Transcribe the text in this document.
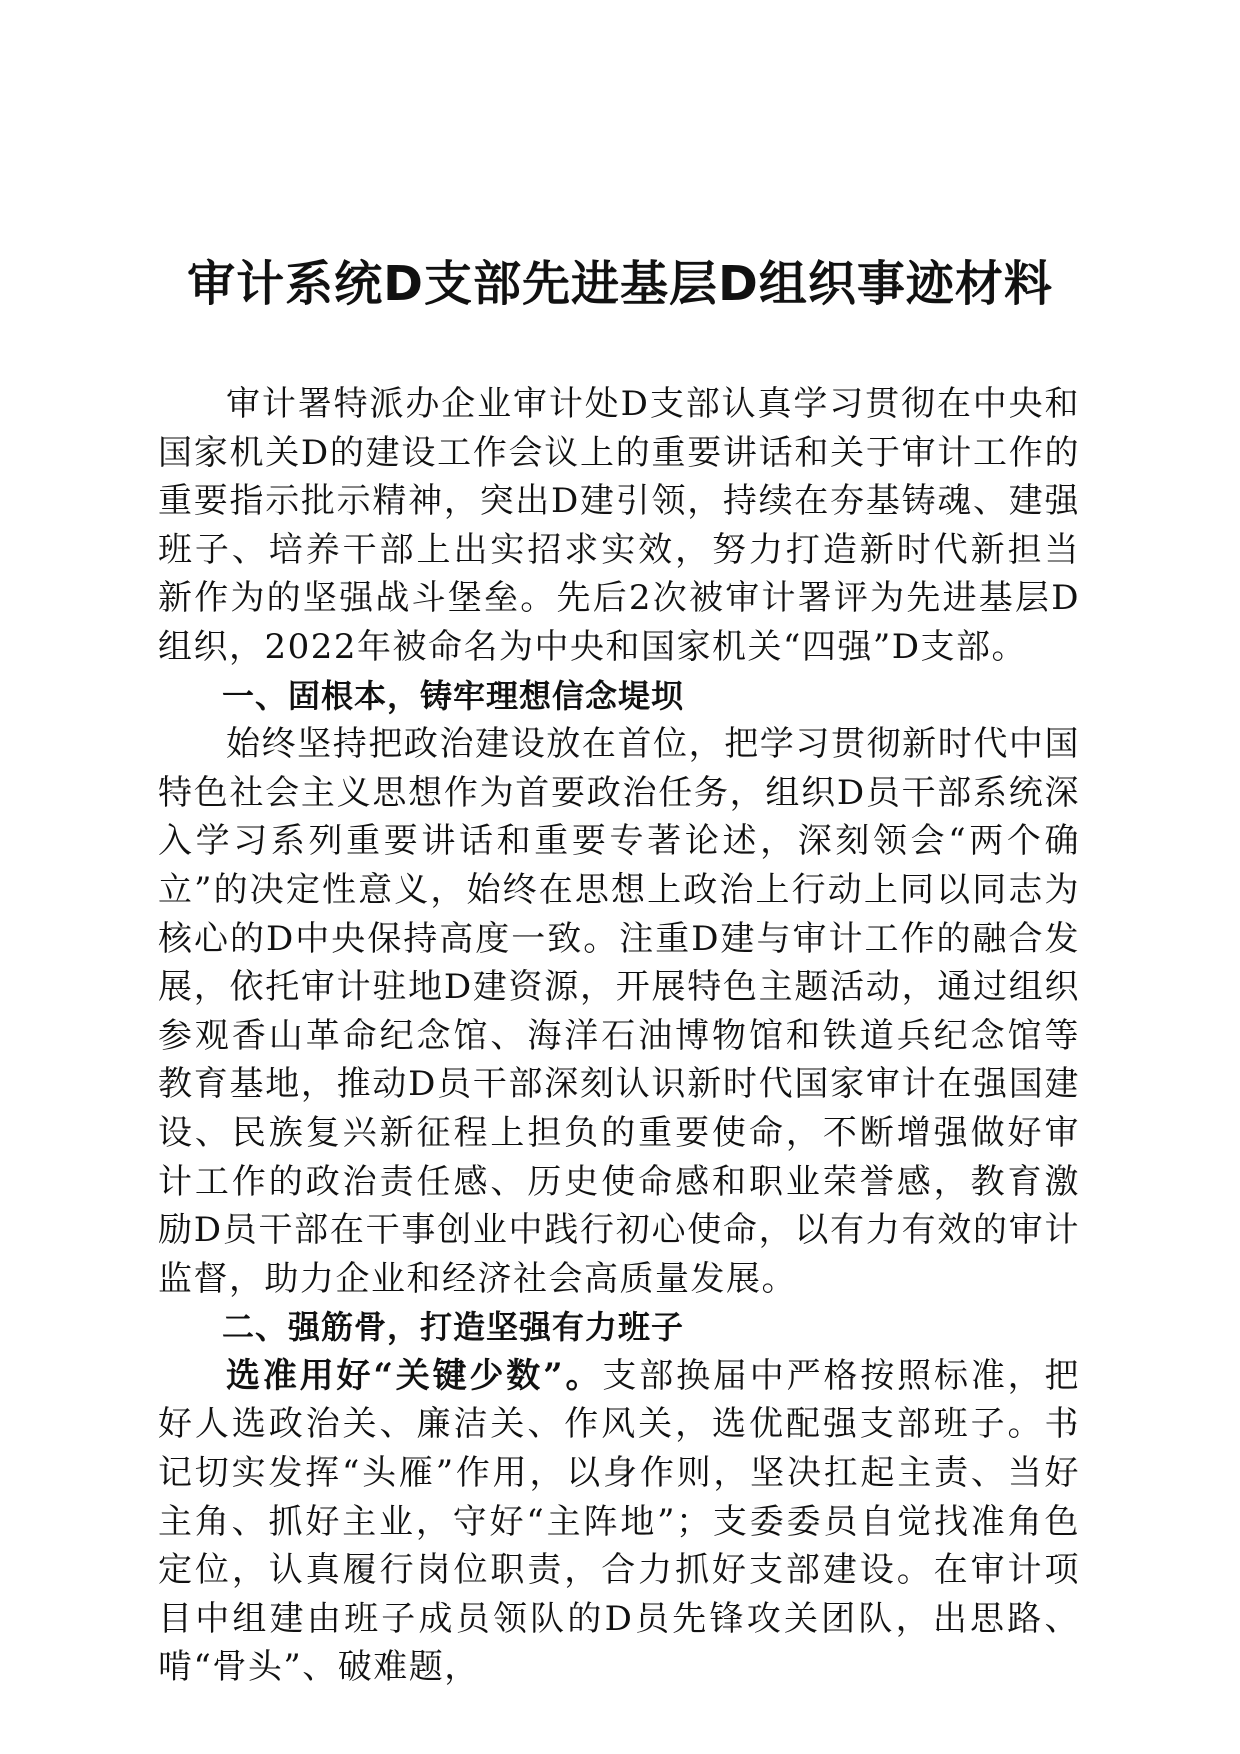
审计系统D支部先进基层D组织事迹材料

审计署特派办企业审计处D支部认真学习贯彻在中央和国家机关D的建设工作会议上的重要讲话和关于审计工作的重要指示批示精神，突出D建引领，持续在夯基铸魂、建强班子、培养干部上出实招求实效，努力打造新时代新担当新作为的坚强战斗堡垒。先后2次被审计署评为先进基层D组织，2022年被命名为中央和国家机关“四强”D支部。

一、固根本，铸牢理想信念堤坝

始终坚持把政治建设放在首位，把学习贯彻新时代中国特色社会主义思想作为首要政治任务，组织D员干部系统深入学习系列重要讲话和重要专著论述，深刻领会“两个确立”的决定性意义，始终在思想上政治上行动上同以同志为核心的D中央保持高度一致。注重D建与审计工作的融合发展，依托审计驻地D建资源，开展特色主题活动，通过组织参观香山革命纪念馆、海洋石油博物馆和铁道兵纪念馆等教育基地，推动D员干部深刻认识新时代国家审计在强国建设、民族复兴新征程上担负的重要使命，不断增强做好审计工作的政治责任感、历史使命感和职业荣誉感，教育激励D员干部在干事创业中践行初心使命，以有力有效的审计监督，助力企业和经济社会高质量发展。

二、强筋骨，打造坚强有力班子

选准用好“关键少数”。支部换届中严格按照标准，把好人选政治关、廉洁关、作风关，选优配强支部班子。书记切实发挥“头雁”作用，以身作则，坚决扛起主责、当好主角、抓好主业，守好“主阵地”；支委委员自觉找准角色定位，认真履行岗位职责，合力抓好支部建设。在审计项目中组建由班子成员领队的D员先锋攻关团队，出思路、啃“骨头”、破难题，
